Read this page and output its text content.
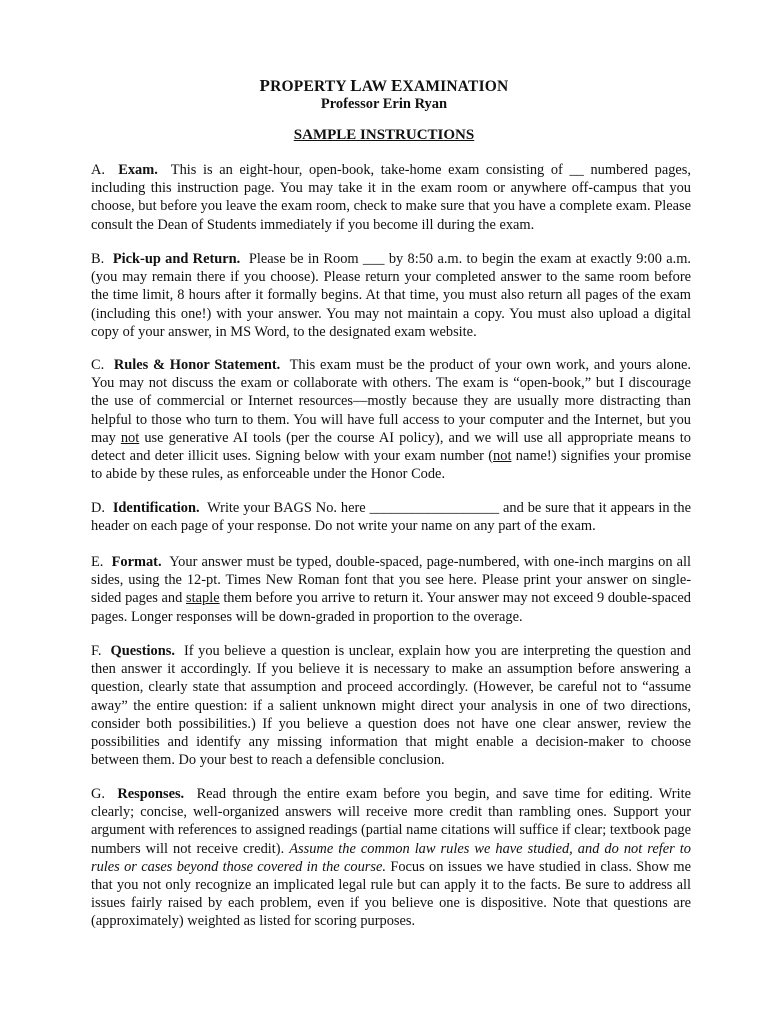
PROPERTY LAW EXAMINATION
Professor Erin Ryan
SAMPLE INSTRUCTIONS
A. Exam. This is an eight-hour, open-book, take-home exam consisting of __ numbered pages, including this instruction page. You may take it in the exam room or anywhere off-campus that you choose, but before you leave the exam room, check to make sure that you have a complete exam. Please consult the Dean of Students immediately if you become ill during the exam.
B. Pick-up and Return. Please be in Room ___ by 8:50 a.m. to begin the exam at exactly 9:00 a.m. (you may remain there if you choose). Please return your completed answer to the same room before the time limit, 8 hours after it formally begins. At that time, you must also return all pages of the exam (including this one!) with your answer. You may not maintain a copy. You must also upload a digital copy of your answer, in MS Word, to the designated exam website.
C. Rules & Honor Statement. This exam must be the product of your own work, and yours alone. You may not discuss the exam or collaborate with others. The exam is “open-book,” but I discourage the use of commercial or Internet resources—mostly because they are usually more distracting than helpful to those who turn to them. You will have full access to your computer and the Internet, but you may not use generative AI tools (per the course AI policy), and we will use all appropriate means to detect and deter illicit uses. Signing below with your exam number (not name!) signifies your promise to abide by these rules, as enforceable under the Honor Code.
D. Identification. Write your BAGS No. here __________________ and be sure that it appears in the header on each page of your response. Do not write your name on any part of the exam.
E. Format. Your answer must be typed, double-spaced, page-numbered, with one-inch margins on all sides, using the 12-pt. Times New Roman font that you see here. Please print your answer on single-sided pages and staple them before you arrive to return it. Your answer may not exceed 9 double-spaced pages. Longer responses will be down-graded in proportion to the overage.
F. Questions. If you believe a question is unclear, explain how you are interpreting the question and then answer it accordingly. If you believe it is necessary to make an assumption before answering a question, clearly state that assumption and proceed accordingly. (However, be careful not to “assume away” the entire question: if a salient unknown might direct your analysis in one of two directions, consider both possibilities.) If you believe a question does not have one clear answer, review the possibilities and identify any missing information that might enable a decision-maker to choose between them. Do your best to reach a defensible conclusion.
G. Responses. Read through the entire exam before you begin, and save time for editing. Write clearly; concise, well-organized answers will receive more credit than rambling ones. Support your argument with references to assigned readings (partial name citations will suffice if clear; textbook page numbers will not receive credit). Assume the common law rules we have studied, and do not refer to rules or cases beyond those covered in the course. Focus on issues we have studied in class. Show me that you not only recognize an implicated legal rule but can apply it to the facts. Be sure to address all issues fairly raised by each problem, even if you believe one is dispositive. Note that questions are (approximately) weighted as listed for scoring purposes.
